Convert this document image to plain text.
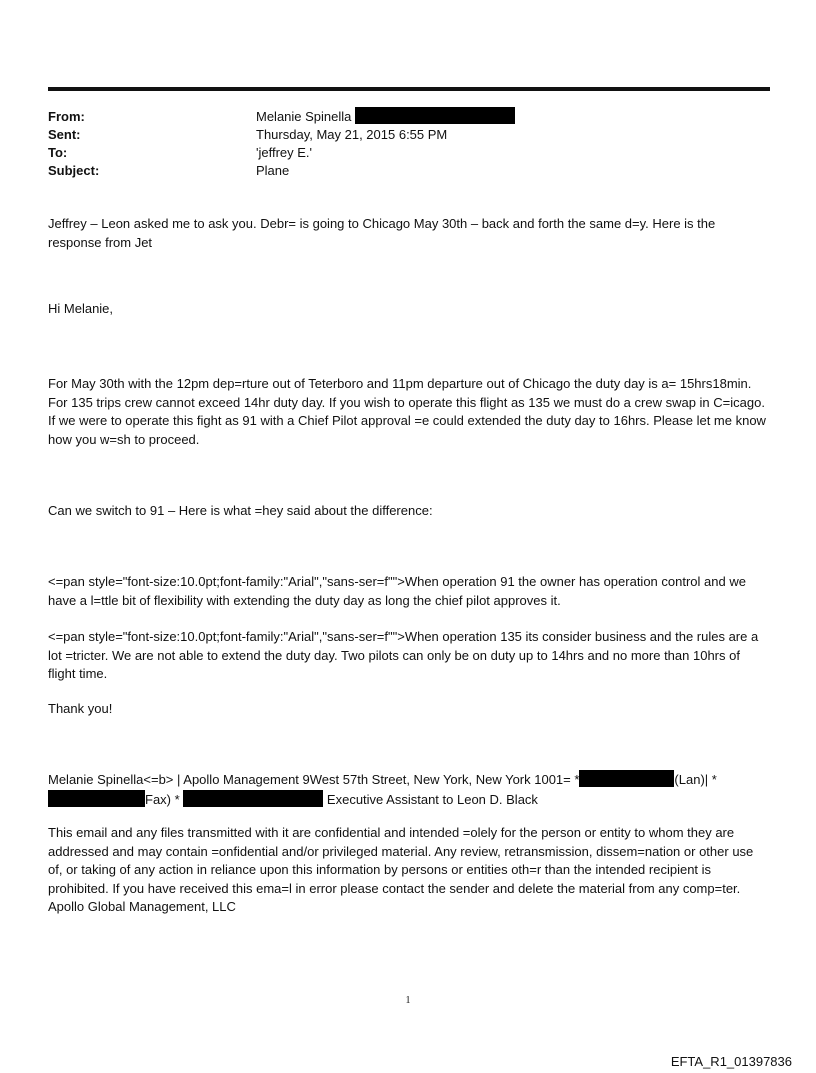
From:	Melanie Spinella
Sent:	Thursday, May 21, 2015 6:55 PM
To:	'jeffrey E.'
Subject:	Plane

Jeffrey – Leon asked me to ask you. Debr= is going to Chicago May 30th – back and forth the same d=y. Here is the response from Jet

Hi Melanie,

For May 30th with the 12pm dep=rture out of Teterboro and 11pm departure out of Chicago the duty day is a= 15hrs18min. For 135 trips crew cannot exceed 14hr duty day. If you wish to operate this flight as 135 we must do a crew swap in C=icago. If we were to operate this fight as 91 with a Chief Pilot approval =e could extended the duty day to 16hrs. Please let me know how you w=sh to proceed.

Can we switch to 91 – Here is what =hey said about the difference:

<=pan style="font-size:10.0pt;font-family:"Arial","sans-ser=f"">When operation 91 the owner has operation control and we have a l=ttle bit of flexibility with extending the duty day as long the chief pilot approves it.

<=pan style="font-size:10.0pt;font-family:"Arial","sans-ser=f"">When operation 135 its consider business and the rules are a lot =tricter. We are not able to extend the duty day. Two pilots can only be on duty up to 14hrs and no more than 10hrs of flight time.

Thank you!

Melanie Spinella<=b> | Apollo Management 9West 57th Street, New York, New York 1001= *	(Lan)| *
Fax) *	Executive Assistant to Leon D. Black

This email and any files transmitted with it are confidential and intended =olely for the person or entity to whom they are addressed and may contain =onfidential and/or privileged material. Any review, retransmission, dissem=nation or other use of, or taking of any action in reliance upon this information by persons or entities oth=r than the intended recipient is prohibited. If you have received this ema=l in error please contact the sender and delete the material from any comp=ter. Apollo Global Management, LLC

1
EFTA_R1_01397836
